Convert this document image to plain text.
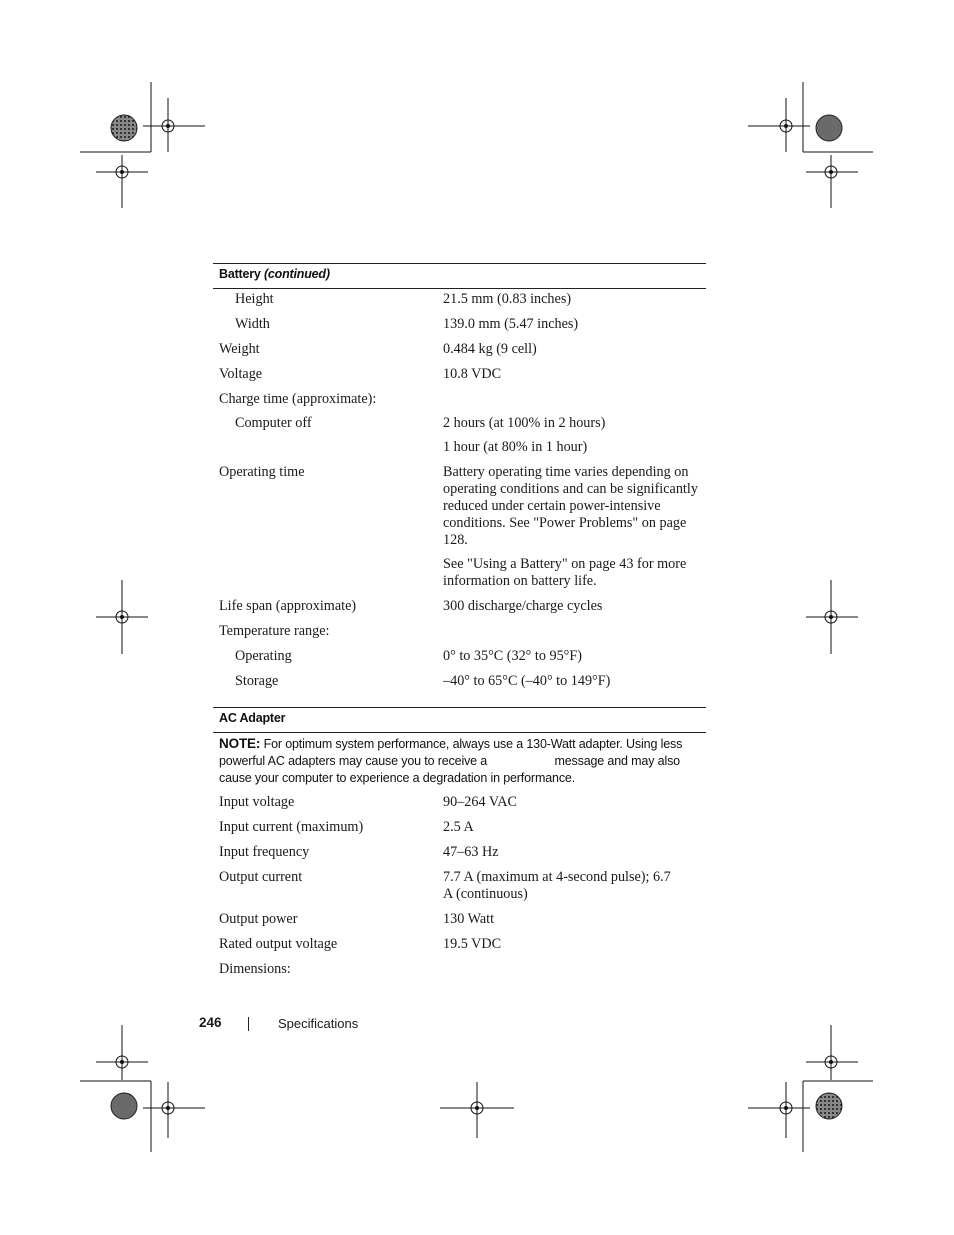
Battery (continued)
Height	21.5 mm (0.83 inches)
Width	139.0 mm (5.47 inches)
Weight	0.484 kg (9 cell)
Voltage	10.8 VDC
Charge time (approximate):
Computer off	2 hours (at 100% in 2 hours)
1 hour (at 80% in 1 hour)
Operating time	Battery operating time varies depending on operating conditions and can be significantly reduced under certain power-intensive conditions. See "Power Problems" on page 128.
See "Using a Battery" on page 43 for more information on battery life.
Life span (approximate)	300 discharge/charge cycles
Temperature range:
Operating	0° to 35°C (32° to 95°F)
Storage	–40° to 65°C (–40° to 149°F)
AC Adapter
NOTE: For optimum system performance, always use a 130-Watt adapter. Using less powerful AC adapters may cause you to receive a	message and may also cause your computer to experience a degradation in performance.
Input voltage	90–264 VAC
Input current (maximum)	2.5 A
Input frequency	47–63 Hz
Output current	7.7 A (maximum at 4-second pulse); 6.7 A (continuous)
Output power	130 Watt
Rated output voltage	19.5 VDC
Dimensions:
246	Specifications
